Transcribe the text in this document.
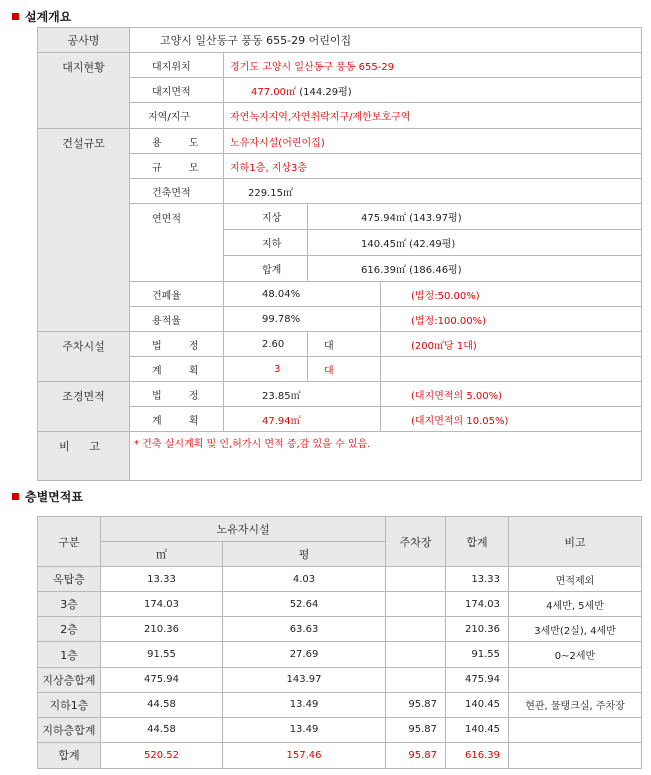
설계개요
공사명	고양시 일산동구 풍동 655-29 어린이집			
대지현황	대지위치	경기도 고양시 일산동구 풍동 655-29		
	대지면적	477.00㎡ (144.29평)		
	지역/지구	자연녹지지역,자연취락지구/제한보호구역		
건설규모	용 도	노유자시설(어린이집)		
	규 모	지하1층, 지상3층		
	건축면적	229.15㎡		
	연면적	지상	475.94㎡ (143.97평)	
		지하	140.45㎡ (42.49평)	
		합계	616.39㎡ (186.46평)	
	건폐율	48.04%		(법정:50.00%)
	용적율	99.78%		(법정:100.00%)
주차시설	법 정	2.60	대	(200㎡당 1대)
	계 획	3	대	
조경면적	법 정	23.85㎡		(대지면적의 5.00%)
	계 획	47.94㎡		(대지면적의 10.05%)
비 고	* 건축 실시계획 및 인,허가시 면적 증,감 있을 수 있음.			
층별면적표
구분	노유자시설		주차장	합계	비고
	㎡	평			
옥탑층	13.33	4.03		13.33	면적제외
3층	174.03	52.64		174.03	4세반, 5세반
2층	210.36	63.63		210.36	3세반(2실), 4세반
1층	91.55	27.69		91.55	0~2세반
지상층합계	475.94	143.97		475.94	
지하1층	44.58	13.49	95.87	140.45	현관, 물탱크실, 주차장
지하층합계	44.58	13.49	95.87	140.45	
합계	520.52	157.46	95.87	616.39	
